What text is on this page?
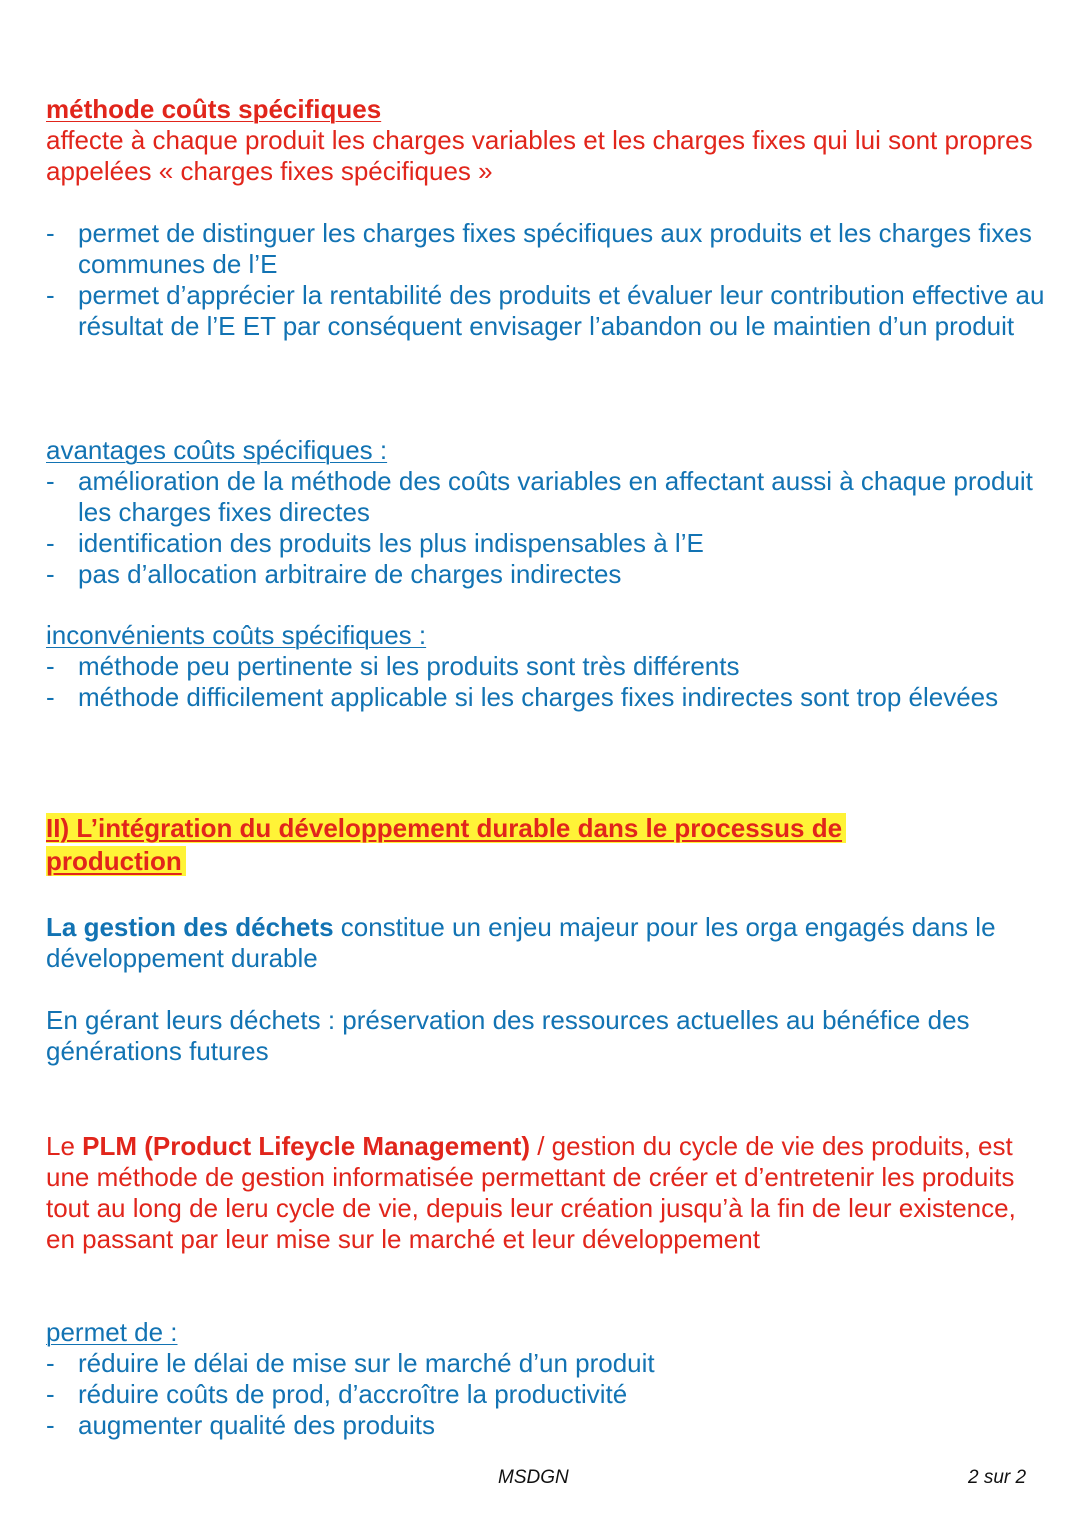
méthode coûts spécifiques
affecte à chaque produit les charges variables et les charges fixes qui lui sont propres appelées « charges fixes spécifiques »
- permet de distinguer les charges fixes spécifiques aux produits et les charges fixes communes de l’E
- permet d’apprécier la rentabilité des produits et évaluer leur contribution effective au résultat de l’E ET par conséquent envisager l’abandon ou le maintien d’un produit
avantages coûts spécifiques :
- amélioration de la méthode des coûts variables en affectant aussi à chaque produit les charges fixes directes
- identification des produits les plus indispensables à l’E
- pas d’allocation arbitraire de charges indirectes
inconvénients coûts spécifiques :
- méthode peu pertinente si les produits sont très différents
- méthode difficilement applicable si les charges fixes indirectes sont trop élevées
II) L’intégration du développement durable dans le processus de
production
La gestion des déchets constitue un enjeu majeur pour les orga engagés dans le développement durable
En gérant leurs déchets : préservation des ressources actuelles au bénéfice des générations futures
Le PLM (Product Lifeycle Management) / gestion du cycle de vie des produits, est une méthode de gestion informatisée permettant de créer et d’entretenir les produits tout au long de leru cycle de vie, depuis leur création jusqu’à la fin de leur existence, en passant par leur mise sur le marché et leur développement
permet de :
- réduire le délai de mise sur le marché d’un produit
- réduire coûts de prod, d’accroître la productivité
- augmenter qualité des produits
MSDGN	2 sur 2
